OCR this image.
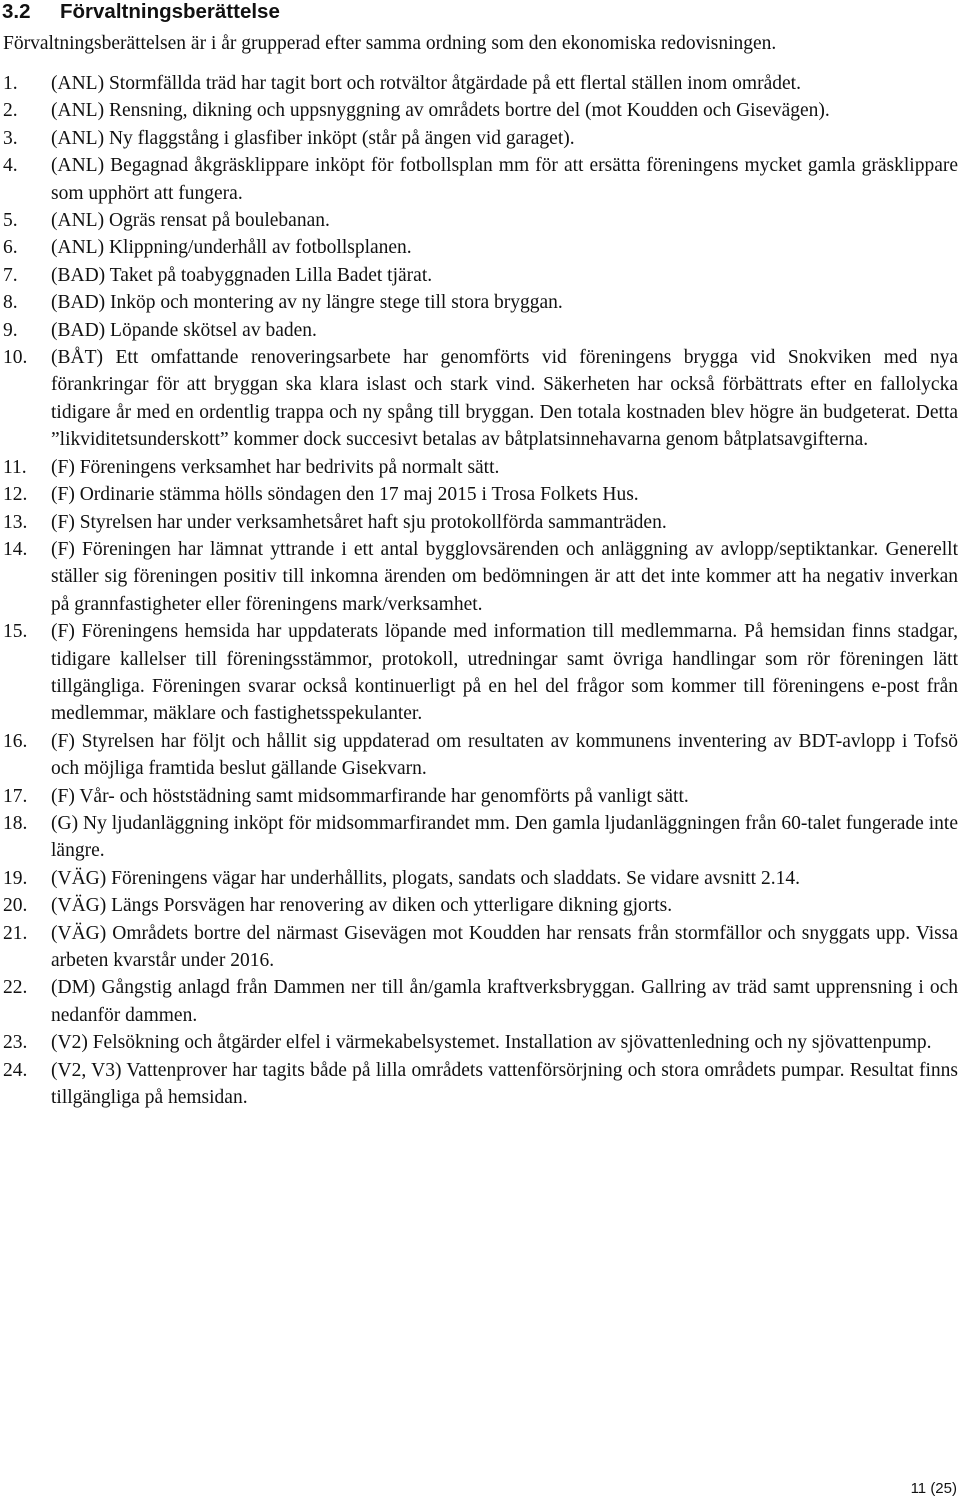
3.2 Förvaltningsberättelse

Förvaltningsberättelsen är i år grupperad efter samma ordning som den ekonomiska redovisningen.

1. (ANL) Stormfällda träd har tagit bort och rotvältor åtgärdade på ett flertal ställen inom området.
2. (ANL) Rensning, dikning och uppsnyggning av områdets bortre del (mot Koudden och Gisevägen).
3. (ANL) Ny flaggstång i glasfiber inköpt (står på ängen vid garaget).
4. (ANL) Begagnad åkgräsklippare inköpt för fotbollsplan mm för att ersätta föreningens mycket gamla gräsklippare som upphört att fungera.
5. (ANL) Ogräs rensat på boulebanan.
6. (ANL) Klippning/underhåll av fotbollsplanen.
7. (BAD) Taket på toabyggnaden Lilla Badet tjärat.
8. (BAD) Inköp och montering av ny längre stege till stora bryggan.
9. (BAD) Löpande skötsel av baden.
10. (BÅT) Ett omfattande renoveringsarbete har genomförts vid föreningens brygga vid Snokviken med nya förankringar för att bryggan ska klara islast och stark vind. Säkerheten har också förbättrats efter en fallolycka tidigare år med en ordentlig trappa och ny spång till bryggan. Den totala kostnaden blev högre än budgeterat. Detta ”likviditetsunderskott” kommer dock succesivt betalas av båtplatsinnehavarna genom båtplatsavgifterna.
11. (F) Föreningens verksamhet har bedrivits på normalt sätt.
12. (F) Ordinarie stämma hölls söndagen den 17 maj 2015 i Trosa Folkets Hus.
13. (F) Styrelsen har under verksamhetsåret haft sju protokollförda sammanträden.
14. (F) Föreningen har lämnat yttrande i ett antal bygglovsärenden och anläggning av avlopp/septiktankar. Generellt ställer sig föreningen positiv till inkomna ärenden om bedömningen är att det inte kommer att ha negativ inverkan på grannfastigheter eller föreningens mark/verksamhet.
15. (F) Föreningens hemsida har uppdaterats löpande med information till medlemmarna. På hemsidan finns stadgar, tidigare kallelser till föreningsstämmor, protokoll, utredningar samt övriga handlingar som rör föreningen lätt tillgängliga. Föreningen svarar också kontinuerligt på en hel del frågor som kommer till föreningens e-post från medlemmar, mäklare och fastighetsspekulanter.
16. (F) Styrelsen har följt och hållit sig uppdaterad om resultaten av kommunens inventering av BDT-avlopp i Tofsö och möjliga framtida beslut gällande Gisekvarn.
17. (F) Vår- och höststädning samt midsommarfirande har genomförts på vanligt sätt.
18. (G) Ny ljudanläggning inköpt för midsommarfirandet mm. Den gamla ljudanläggningen från 60-talet fungerade inte längre.
19. (VÄG) Föreningens vägar har underhållits, plogats, sandats och sladdats. Se vidare avsnitt 2.14.
20. (VÄG) Längs Porsvägen har renovering av diken och ytterligare dikning gjorts.
21. (VÄG) Områdets bortre del närmast Gisevägen mot Koudden har rensats från stormfällor och snyggats upp. Vissa arbeten kvarstår under 2016.
22. (DM) Gångstig anlagd från Dammen ner till ån/gamla kraftverksbryggan. Gallring av träd samt upprensning i och nedanför dammen.
23. (V2) Felsökning och åtgärder elfel i värmekabelsystemet. Installation av sjövattenledning och ny sjövattenpump.
24. (V2, V3) Vattenprover har tagits både på lilla områdets vattenförsörjning och stora områdets pumpar. Resultat finns tillgängliga på hemsidan.

11 (25)
